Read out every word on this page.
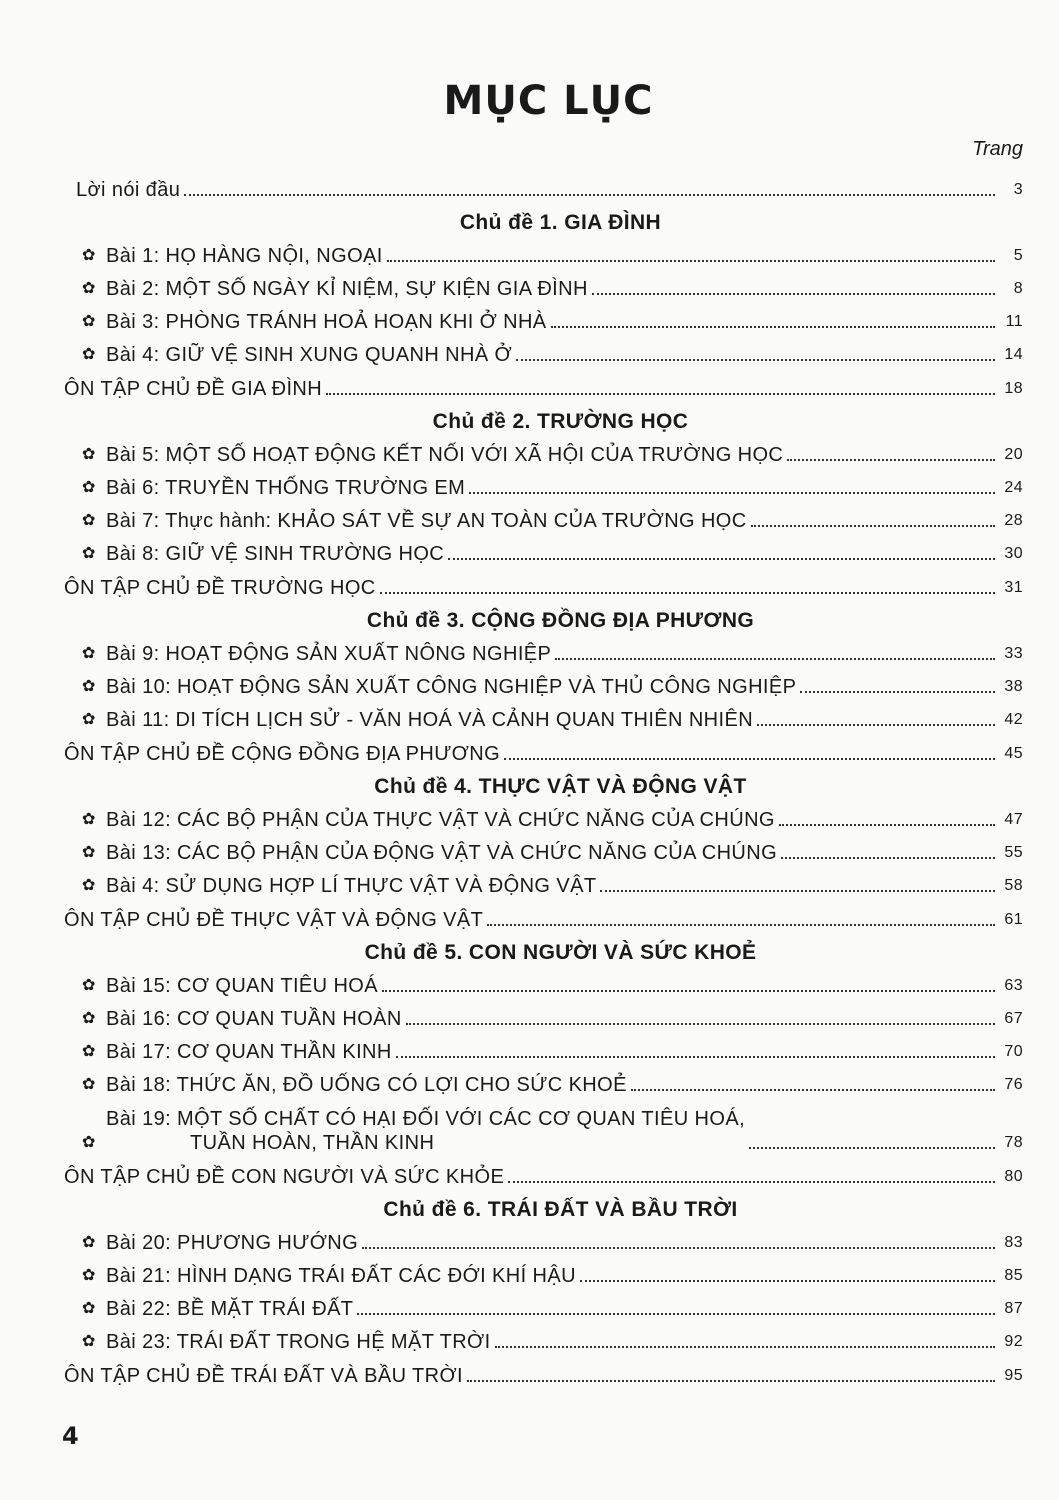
MỤC LỤC
Trang
Lời nói đầu	3
Chủ đề 1. GIA ĐÌNH
✿ Bài 1: HỌ HÀNG NỘI, NGOẠI	5
✿ Bài 2: MỘT SỐ NGÀY KỈ NIỆM, SỰ KIỆN GIA ĐÌNH	8
✿ Bài 3: PHÒNG TRÁNH HOẢ HOẠN KHI Ở NHÀ	11
✿ Bài 4: GIỮ VỆ SINH XUNG QUANH NHÀ Ở	14
ÔN TẬP CHỦ ĐỀ GIA ĐÌNH	18
Chủ đề 2. TRƯỜNG HỌC
✿ Bài 5: MỘT SỐ HOẠT ĐỘNG KẾT NỐI VỚI XÃ HỘI CỦA TRƯỜNG HỌC	20
✿ Bài 6: TRUYỀN THỐNG TRƯỜNG EM	24
✿ Bài 7: Thực hành: KHẢO SÁT VỀ SỰ AN TOÀN CỦA TRƯỜNG HỌC	28
✿ Bài 8: GIỮ VỆ SINH TRƯỜNG HỌC	30
ÔN TẬP CHỦ ĐỀ TRƯỜNG HỌC	31
Chủ đề 3. CỘNG ĐỒNG ĐỊA PHƯƠNG
✿ Bài 9: HOẠT ĐỘNG SẢN XUẤT NÔNG NGHIỆP	33
✿ Bài 10: HOẠT ĐỘNG SẢN XUẤT CÔNG NGHIỆP VÀ THỦ CÔNG NGHIỆP	38
✿ Bài 11: DI TÍCH LỊCH SỬ - VĂN HOÁ VÀ CẢNH QUAN THIÊN NHIÊN	42
ÔN TẬP CHỦ ĐỀ CỘNG ĐỒNG ĐỊA PHƯƠNG	45
Chủ đề 4. THỰC VẬT VÀ ĐỘNG VẬT
✿ Bài 12: CÁC BỘ PHẬN CỦA THỰC VẬT VÀ CHỨC NĂNG CỦA CHÚNG	47
✿ Bài 13: CÁC BỘ PHẬN CỦA ĐỘNG VẬT VÀ CHỨC NĂNG CỦA CHÚNG	55
✿ Bài 4: SỬ DỤNG HỢP LÍ THỰC VẬT VÀ ĐỘNG VẬT	58
ÔN TẬP CHỦ ĐỀ THỰC VẬT VÀ ĐỘNG VẬT	61
Chủ đề 5. CON NGƯỜI VÀ SỨC KHOẺ
✿ Bài 15: CƠ QUAN TIÊU HOÁ	63
✿ Bài 16: CƠ QUAN TUẦN HOÀN	67
✿ Bài 17: CƠ QUAN THẦN KINH	70
✿ Bài 18: THỨC ĂN, ĐỒ UỐNG CÓ LỢI CHO SỨC KHOẺ	76
✿
Bài 19: MỘT SỐ CHẤT CÓ HẠI ĐỐI VỚI CÁC CƠ QUAN TIÊU HOÁ,
TUẦN HOÀN, THẦN KINH	78
ÔN TẬP CHỦ ĐỀ CON NGƯỜI VÀ SỨC KHỎE	80
Chủ đề 6. TRÁI ĐẤT VÀ BẦU TRỜI
✿ Bài 20: PHƯƠNG HƯỚNG	83
✿ Bài 21: HÌNH DẠNG TRÁI ĐẤT CÁC ĐỚI KHÍ HẬU	85
✿ Bài 22: BỀ MẶT TRÁI ĐẤT	87
✿ Bài 23: TRÁI ĐẤT TRONG HỆ MẶT TRỜI	92
ÔN TẬP CHỦ ĐỀ TRÁI ĐẤT VÀ BẦU TRỜI	95
4
